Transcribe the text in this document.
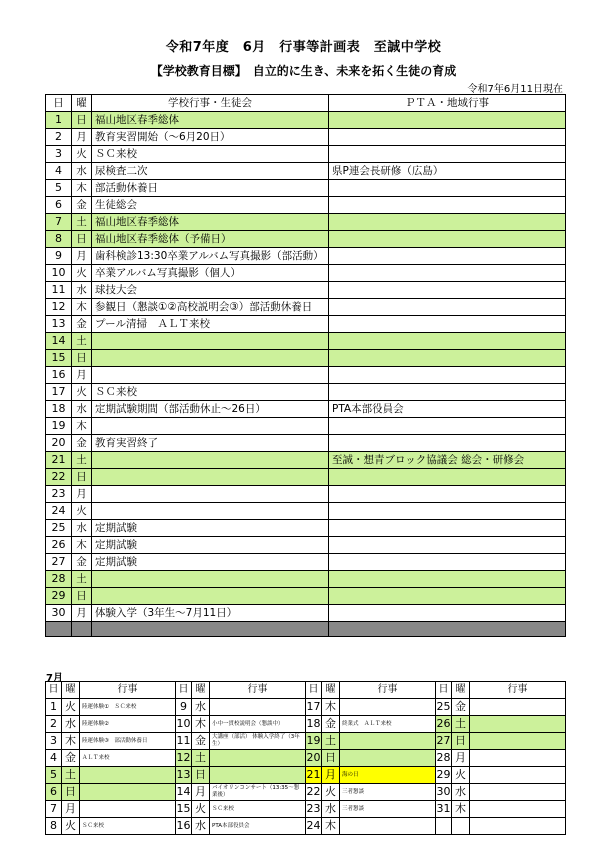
令和7年度　6月　行事等計画表　至誠中学校
【学校教育目標】　自立的に生き、未来を拓く生徒の育成
令和7年6月11日現在
日	曜	学校行事・生徒会	ＰＴＡ・地域行事
1	日	福山地区春季総体	
2	月	教育実習開始（～6月20日）	
3	火	ＳＣ来校	
4	水	尿検査二次	県P連会長研修（広島）
5	木	部活動休養日	
6	金	生徒総会	
7	土	福山地区春季総体	
8	日	福山地区春季総体（予備日）	
9	月	歯科検診13:30卒業アルバム写真撮影（部活動）	
10	火	卒業アルバム写真撮影（個人）	
11	水	球技大会	
12	木	参観日（懇談①②高校説明会③）部活動休養日	
13	金	プール清掃　ＡＬＴ来校	
14	土		
15	日		
16	月		
17	火	ＳＣ来校	
18	水	定期試験期間（部活動休止～26日）	PTA本部役員会
19	木		
20	金	教育実習終了	
21	土		至誠・想青ブロック協議会 総会・研修会
22	日		
23	月		
24	火		
25	水	定期試験	
26	木	定期試験	
27	金	定期試験	
28	土		
29	日		
30	月	体験入学（3年生～7月11日）	

7月
日	曜	行事	日	曜	行事	日	曜	行事	日	曜	行事
1	火	陸運体験①　ＳＣ来校	9	水		17	木		25	金	
2	水	陸運体験②	10	木	小中一貫校説明会（懇談中）	18	金	終業式　ＡＬＴ来校	26	土	
3	木	陸運体験③　部活動休養日	11	金	大講座（部活） 体験入学終了（3年生）	19	土		27	日	
4	金	ＡＬＴ来校	12	土		20	日		28	月	
5	土		13	日		21	月	海の日	29	火	
6	日		14	月	バイオリンコンサート（13:35～懇業後）	22	火	三者懇談	30	水	
7	月		15	火	ＳＣ来校	23	水	三者懇談	31	木	
8	火	ＳＣ来校	16	水	PTA本部役員会	24	木				
